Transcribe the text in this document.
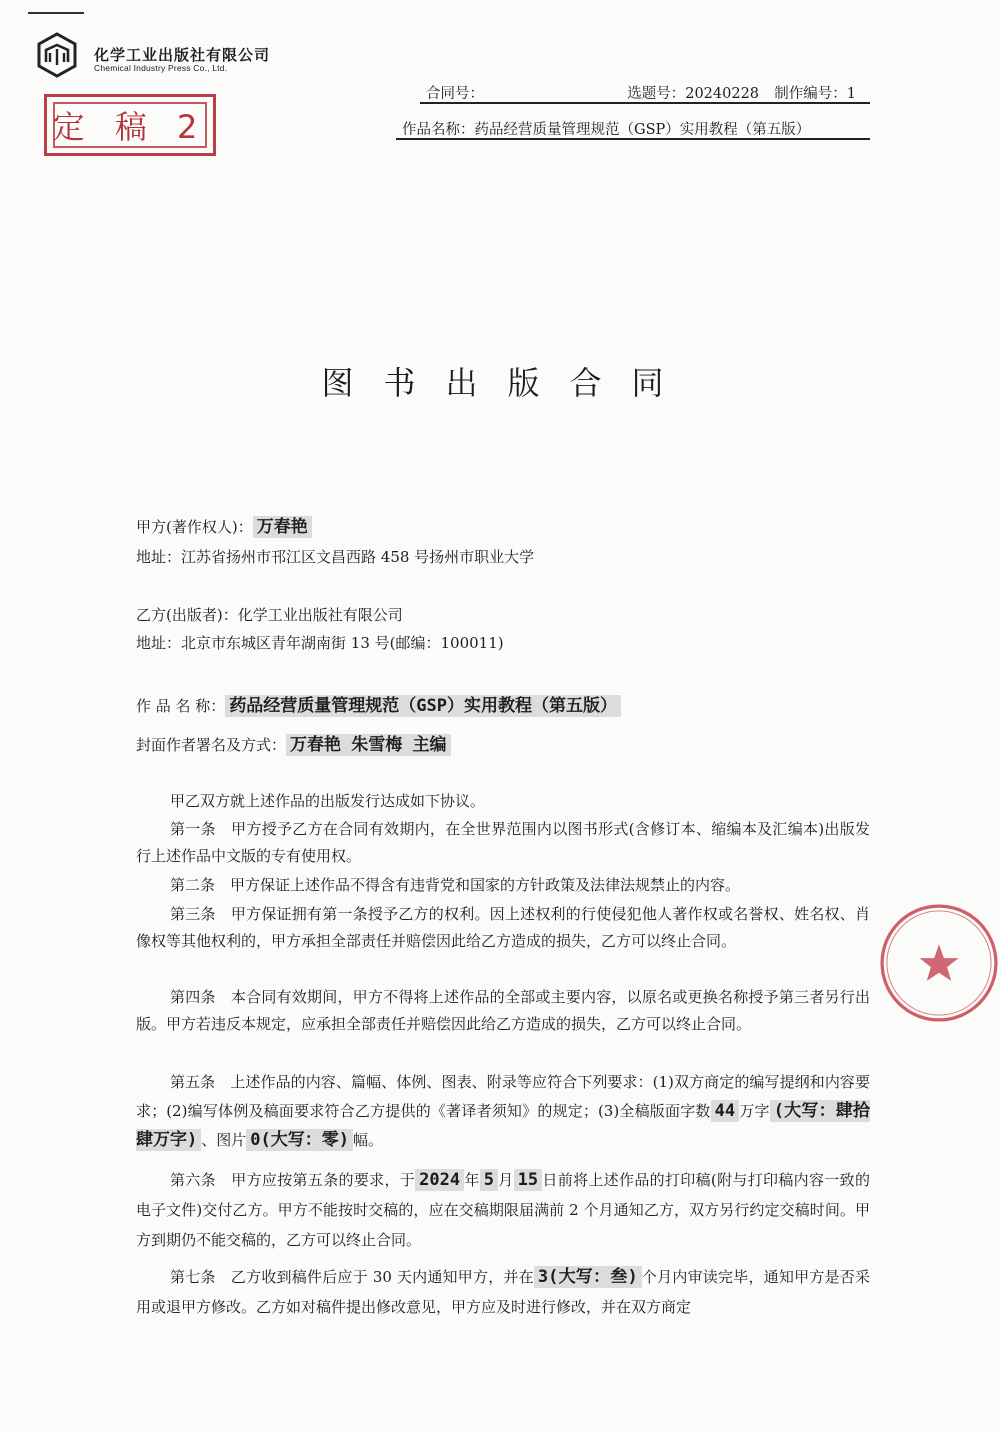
化学工业出版社有限公司
Chemical Industry Press Co., Ltd.
定 稿 2
合同号：	选题号：20240228 制作编号：1
作品名称：药品经营质量管理规范（GSP）实用教程（第五版）
图书出版合同
甲方(著作权人)： 万春艳
地址：江苏省扬州市邗江区文昌西路 458 号扬州市职业大学
乙方(出版者)：化学工业出版社有限公司
地址：北京市东城区青年湖南街 13 号(邮编：100011)
作 品 名 称： 药品经营质量管理规范（GSP）实用教程（第五版）
封面作者署名及方式： 万春艳 朱雪梅 主编
甲乙双方就上述作品的出版发行达成如下协议。
第一条　甲方授予乙方在合同有效期内，在全世界范围内以图书形式(含修订本、缩编本及汇编本)出版发行上述作品中文版的专有使用权。
第二条　甲方保证上述作品不得含有违背党和国家的方针政策及法律法规禁止的内容。
第三条　甲方保证拥有第一条授予乙方的权利。因上述权利的行使侵犯他人著作权或名誉权、姓名权、肖像权等其他权利的，甲方承担全部责任并赔偿因此给乙方造成的损失，乙方可以终止合同。
第四条　本合同有效期间，甲方不得将上述作品的全部或主要内容，以原名或更换名称授予第三者另行出版。甲方若违反本规定，应承担全部责任并赔偿因此给乙方造成的损失，乙方可以终止合同。
第五条　上述作品的内容、篇幅、体例、图表、附录等应符合下列要求：(1)双方商定的编写提纲和内容要求；(2)编写体例及稿面要求符合乙方提供的《著译者须知》的规定；(3)全稿版面字数 44 万字 (大写：肆拾肆万字) 、图片 0(大写：零) 幅。
第六条　甲方应按第五条的要求，于 2024 年 5 月 15 日前将上述作品的打印稿(附与打印稿内容一致的电子文件)交付乙方。甲方不能按时交稿的，应在交稿期限届满前 2 个月通知乙方，双方另行约定交稿时间。甲方到期仍不能交稿的，乙方可以终止合同。
第七条　乙方收到稿件后应于 30 天内通知甲方，并在 3(大写：叁) 个月内审读完毕，通知甲方是否采用或退甲方修改。乙方如对稿件提出修改意见，甲方应及时进行修改，并在双方商定
